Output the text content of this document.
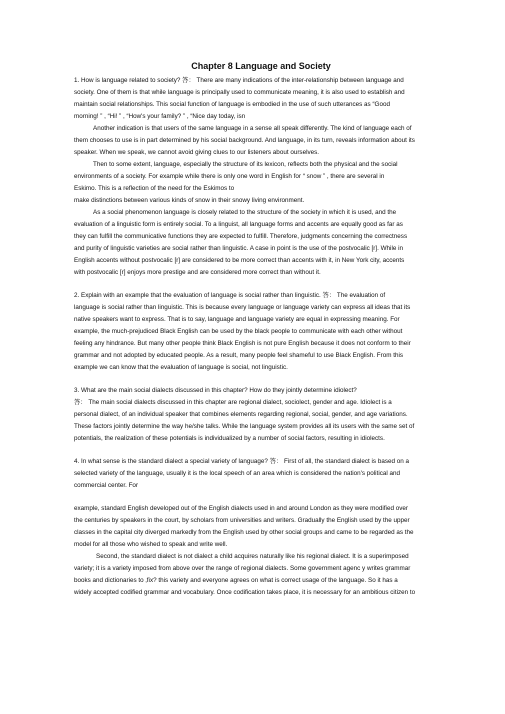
Chapter 8 Language and Society
1. How is language related to society? 答： There are many indications of the inter-relationship between language and
society. One of them is that while language is principally used to communicate meaning, it is also used to establish and
maintain social relationships. This social function of language is embodied in the use of such utterances as “Good
morning! ” , “Hi! ” , “How's your family? ” , “Nice day today, isn
Another indication is that users of the same language in a sense all speak differently. The kind of language each of
them chooses to use is in part determined by his social background. And language, in its turn, reveals information about its
speaker. When we speak, we cannot avoid giving clues to our listeners about ourselves.
Then to some extent, language, especially the structure of its lexicon, reflects both the physical and the social
environments of a society. For example while there is only one word in English for “ snow ” , there are several in
Eskimo. This is a reflection of the need for the Eskimos to
make distinctions between various kinds of snow in their snowy living environment.
As a social phenomenon language is closely related to the structure of the society in which it is used, and the
evaluation of a linguistic form is entirely social. To a linguist, all language forms and accents are equally good as far as
they can fulfill the communicative functions they are expected to fulfill. Therefore, judgments concerning the correctness
and purity of linguistic varieties are social rather than linguistic. A case in point is the use of the postvocalic [r]. While in
English accents without postvocalic [r] are considered to be more correct than accents with it, in New York city, accents
with postvocalic [r] enjoys more prestige and are considered more correct than without it.
2. Explain with an example that the evaluation of language is social rather than linguistic. 答： The evaluation of
language is social rather than linguistic. This is because every language or language variety can express all ideas that its
native speakers want to express. That is to say, language and language variety are equal in expressing meaning. For
example, the much-prejudiced Black English can be used by the black people to communicate with each other without
feeling any hindrance. But many other people think Black English is not pure English because it does not conform to their
grammar and not adopted by educated people. As a result, many people feel shameful to use Black English. From this
example we can know that the evaluation of language is social, not linguistic.
3. What are the main social dialects discussed in this chapter? How do they jointly determine idiolect?
答： The main social dialects discussed in this chapter are regional dialect, sociolect, gender and age. Idiolect is a
personal dialect, of an individual speaker that combines elements regarding regional, social, gender, and age variations.
These factors jointly determine the way he/she talks. While the language system provides all its users with the same set of
potentials, the realization of these potentials is individualized by a number of social factors, resulting in idiolects.
4. In what sense is the standard dialect a special variety of language? 答： First of all, the standard dialect is based on a
selected variety of the language, usually it is the local speech of an area which is considered the nation's political and
commercial center. For
example, standard English developed out of the English dialects used in and around London as they were modified over
the centuries by speakers in the court, by scholars from universities and writers. Gradually the English used by the upper
classes in the capital city diverged markedly from the English used by other social groups and came to be regarded as the
model for all those who wished to speak and write well.
Second, the standard dialect is not dialect a child acquires naturally like his regional dialect. It is a superimposed
variety; it is a variety imposed from above over the range of regional dialects. Some government agenc y writes grammar
books and dictionaries to ‚fix? this variety and everyone agrees on what is correct usage of the language. So it has a
widely accepted codified grammar and vocabulary. Once codification takes place, it is necessary for an ambitious citizen to
